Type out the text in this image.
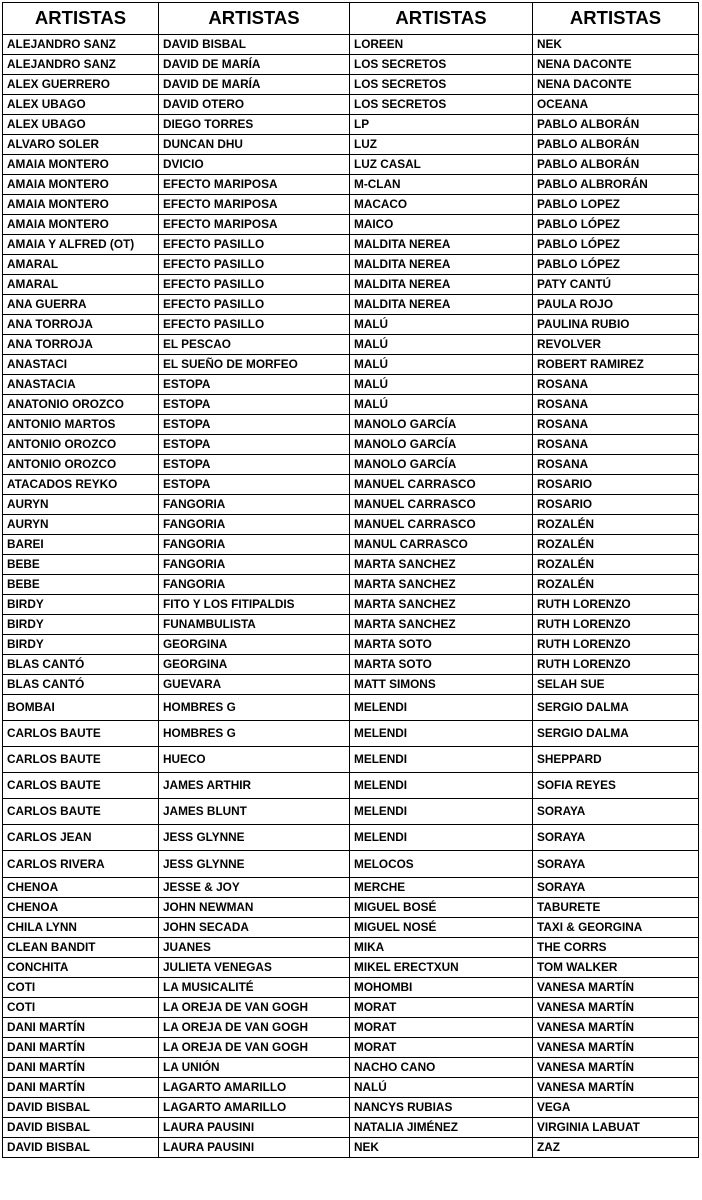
ARTISTAS	ARTISTAS	ARTISTAS	ARTISTAS
ALEJANDRO SANZ	DAVID BISBAL	LOREEN	NEK
ALEJANDRO SANZ	DAVID DE MARÍA	LOS SECRETOS	NENA DACONTE
ALEX GUERRERO	DAVID DE MARÍA	LOS SECRETOS	NENA DACONTE
ALEX UBAGO	DAVID OTERO	LOS SECRETOS	OCEANA
ALEX UBAGO	DIEGO TORRES	LP	PABLO ALBORÁN
ALVARO SOLER	DUNCAN DHU	LUZ	PABLO ALBORÁN
AMAIA MONTERO	DVICIO	LUZ CASAL	PABLO ALBORÁN
AMAIA MONTERO	EFECTO MARIPOSA	M-CLAN	PABLO ALBRORÁN
AMAIA MONTERO	EFECTO MARIPOSA	MACACO	PABLO LOPEZ
AMAIA MONTERO	EFECTO MARIPOSA	MAICO	PABLO LÓPEZ
AMAIA Y ALFRED (OT)	EFECTO PASILLO	MALDITA NEREA	PABLO LÓPEZ
AMARAL	EFECTO PASILLO	MALDITA NEREA	PABLO LÓPEZ
AMARAL	EFECTO PASILLO	MALDITA NEREA	PATY CANTÚ
ANA GUERRA	EFECTO PASILLO	MALDITA NEREA	PAULA ROJO
ANA TORROJA	EFECTO PASILLO	MALÚ	PAULINA RUBIO
ANA TORROJA	EL PESCAO	MALÚ	REVOLVER
ANASTACI	EL SUEÑO DE MORFEO	MALÚ	ROBERT RAMIREZ
ANASTACIA	ESTOPA	MALÚ	ROSANA
ANATONIO OROZCO	ESTOPA	MALÚ	ROSANA
ANTONIO MARTOS	ESTOPA	MANOLO GARCÍA	ROSANA
ANTONIO OROZCO	ESTOPA	MANOLO GARCÍA	ROSANA
ANTONIO OROZCO	ESTOPA	MANOLO GARCÍA	ROSANA
ATACADOS REYKO	ESTOPA	MANUEL CARRASCO	ROSARIO
AURYN	FANGORIA	MANUEL CARRASCO	ROSARIO
AURYN	FANGORIA	MANUEL CARRASCO	ROZALÉN
BAREI	FANGORIA	MANUL CARRASCO	ROZALÉN
BEBE	FANGORIA	MARTA SANCHEZ	ROZALÉN
BEBE	FANGORIA	MARTA SANCHEZ	ROZALÉN
BIRDY	FITO Y LOS FITIPALDIS	MARTA SANCHEZ	RUTH LORENZO
BIRDY	FUNAMBULISTA	MARTA SANCHEZ	RUTH LORENZO
BIRDY	GEORGINA	MARTA SOTO	RUTH LORENZO
BLAS CANTÓ	GEORGINA	MARTA SOTO	RUTH LORENZO
BLAS CANTÓ	GUEVARA	MATT SIMONS	SELAH SUE
BOMBAI	HOMBRES G	MELENDI	SERGIO DALMA
CARLOS BAUTE	HOMBRES G	MELENDI	SERGIO DALMA
CARLOS BAUTE	HUECO	MELENDI	SHEPPARD
CARLOS BAUTE	JAMES ARTHIR	MELENDI	SOFIA REYES
CARLOS BAUTE	JAMES BLUNT	MELENDI	SORAYA
CARLOS JEAN	JESS GLYNNE	MELENDI	SORAYA
CARLOS RIVERA	JESS GLYNNE	MELOCOS	SORAYA
CHENOA	JESSE & JOY	MERCHE	SORAYA
CHENOA	JOHN NEWMAN	MIGUEL BOSÉ	TABURETE
CHILA LYNN	JOHN SECADA	MIGUEL NOSÉ	TAXI & GEORGINA
CLEAN BANDIT	JUANES	MIKA	THE CORRS
CONCHITA	JULIETA VENEGAS	MIKEL ERECTXUN	TOM WALKER
COTI	LA MUSICALITÉ	MOHOMBI	VANESA MARTÍN
COTI	LA OREJA DE VAN GOGH	MORAT	VANESA MARTÍN
DANI MARTÍN	LA OREJA DE VAN GOGH	MORAT	VANESA MARTÍN
DANI MARTÍN	LA OREJA DE VAN GOGH	MORAT	VANESA MARTÍN
DANI MARTÍN	LA UNIÓN	NACHO CANO	VANESA MARTÍN
DANI MARTÍN	LAGARTO AMARILLO	NALÚ	VANESA MARTÍN
DAVID BISBAL	LAGARTO AMARILLO	NANCYS RUBIAS	VEGA
DAVID BISBAL	LAURA PAUSINI	NATALIA JIMÉNEZ	VIRGINIA LABUAT
DAVID BISBAL	LAURA PAUSINI	NEK	ZAZ
